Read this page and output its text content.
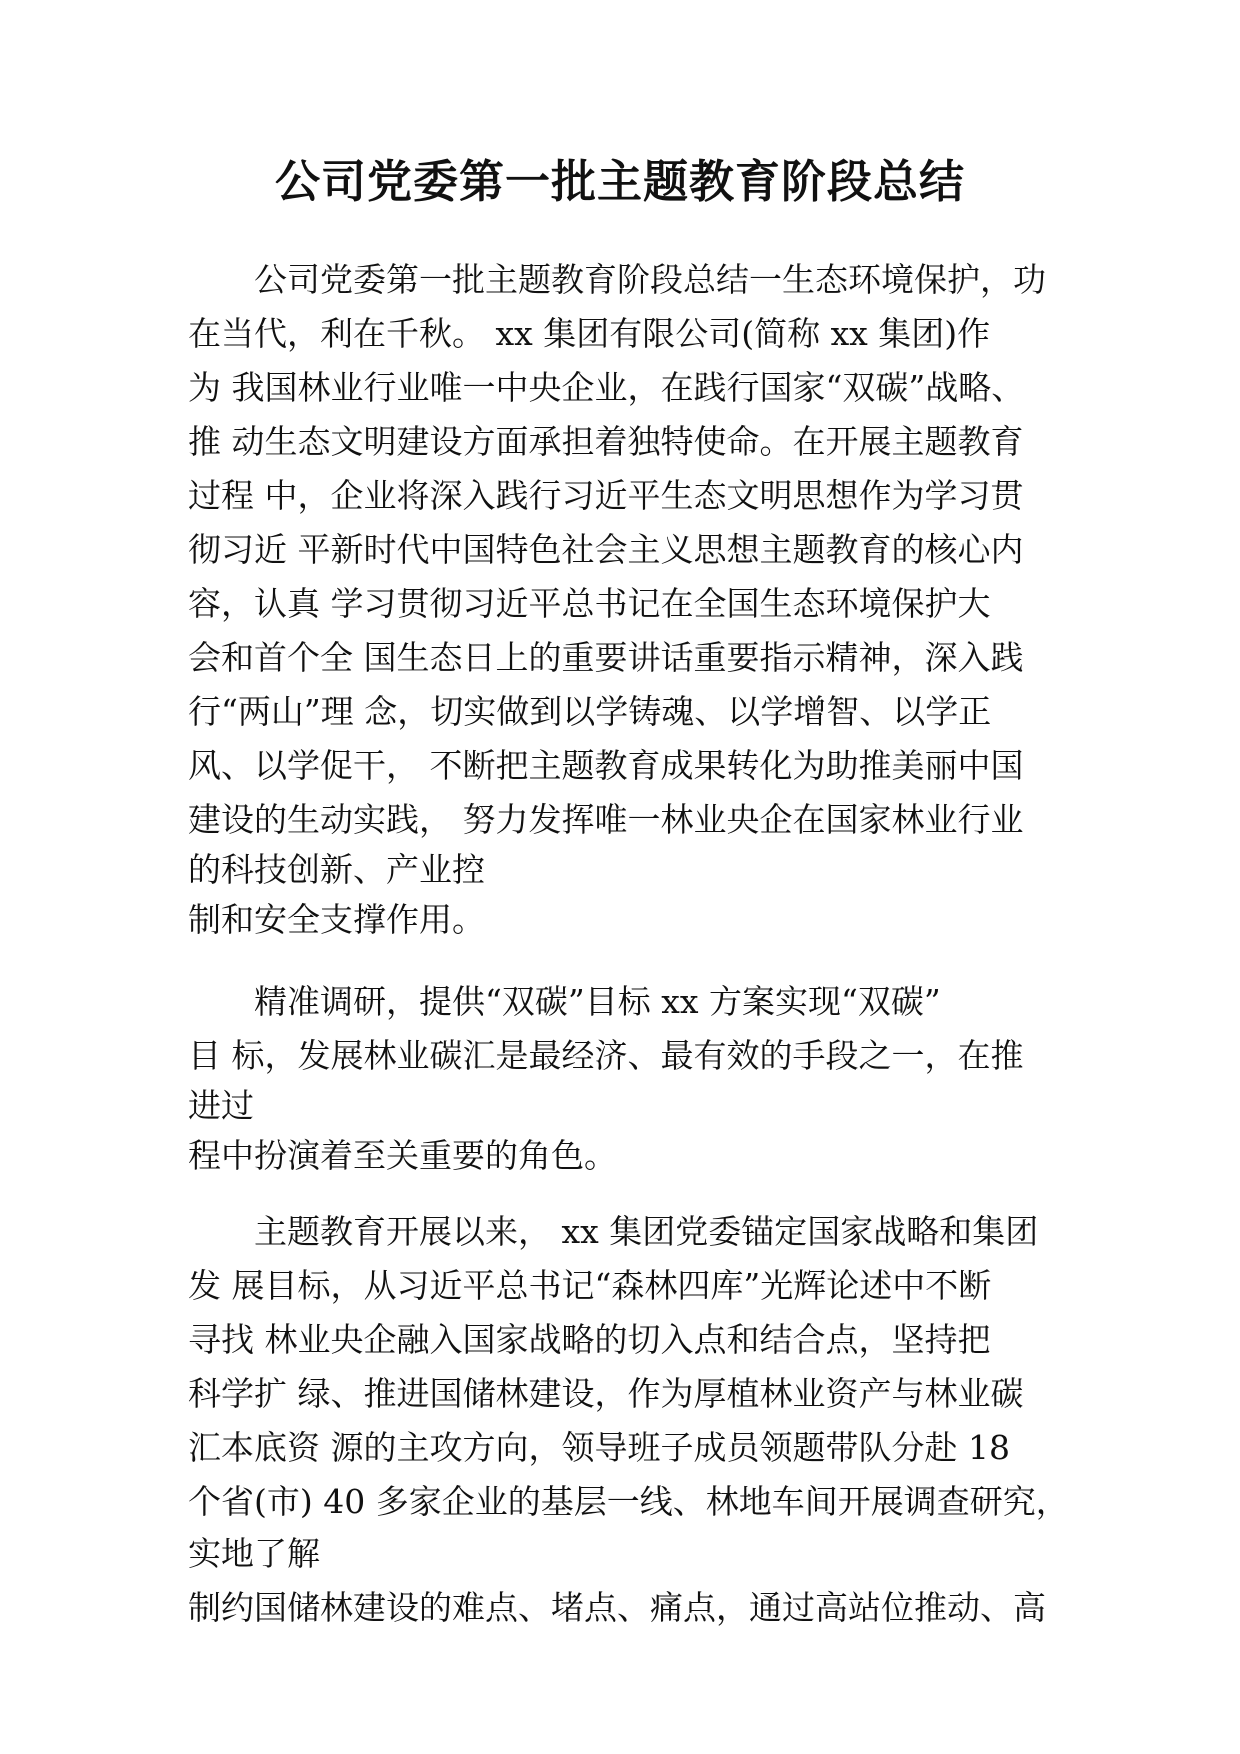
公司党委第一批主题教育阶段总结
　　公司党委第一批主题教育阶段总结一生态环境保护，功
在当代，利在千秋。 xx 集团有限公司(简称 xx 集团)作
为 我国林业行业唯一中央企业，在践行国家“双碳”战略、
推 动生态文明建设方面承担着独特使命。在开展主题教育
过程 中，企业将深入践行习近平生态文明思想作为学习贯
彻习近 平新时代中国特色社会主义思想主题教育的核心内
容，认真 学习贯彻习近平总书记在全国生态环境保护大
会和首个全 国生态日上的重要讲话重要指示精神，深入践
行“两山”理 念，切实做到以学铸魂、以学增智、以学正
风、以学促干， 不断把主题教育成果转化为助推美丽中国
建设的生动实践， 努力发挥唯一林业央企在国家林业行业
的科技创新、产业控
制和安全支撑作用。
　　精准调研，提供“双碳”目标 xx 方案实现“双碳”
目 标，发展林业碳汇是最经济、最有效的手段之一，在推
进过
程中扮演着至关重要的角色。
　　主题教育开展以来， xx 集团党委锚定国家战略和集团
发 展目标，从习近平总书记“森林四库”光辉论述中不断
寻找 林业央企融入国家战略的切入点和结合点，坚持把
科学扩 绿、推进国储林建设，作为厚植林业资产与林业碳
汇本底资 源的主攻方向，领导班子成员领题带队分赴 18
个省(市) 40 多家企业的基层一线、林地车间开展调查研究，
实地了解
制约国储林建设的难点、堵点、痛点，通过高站位推动、高
